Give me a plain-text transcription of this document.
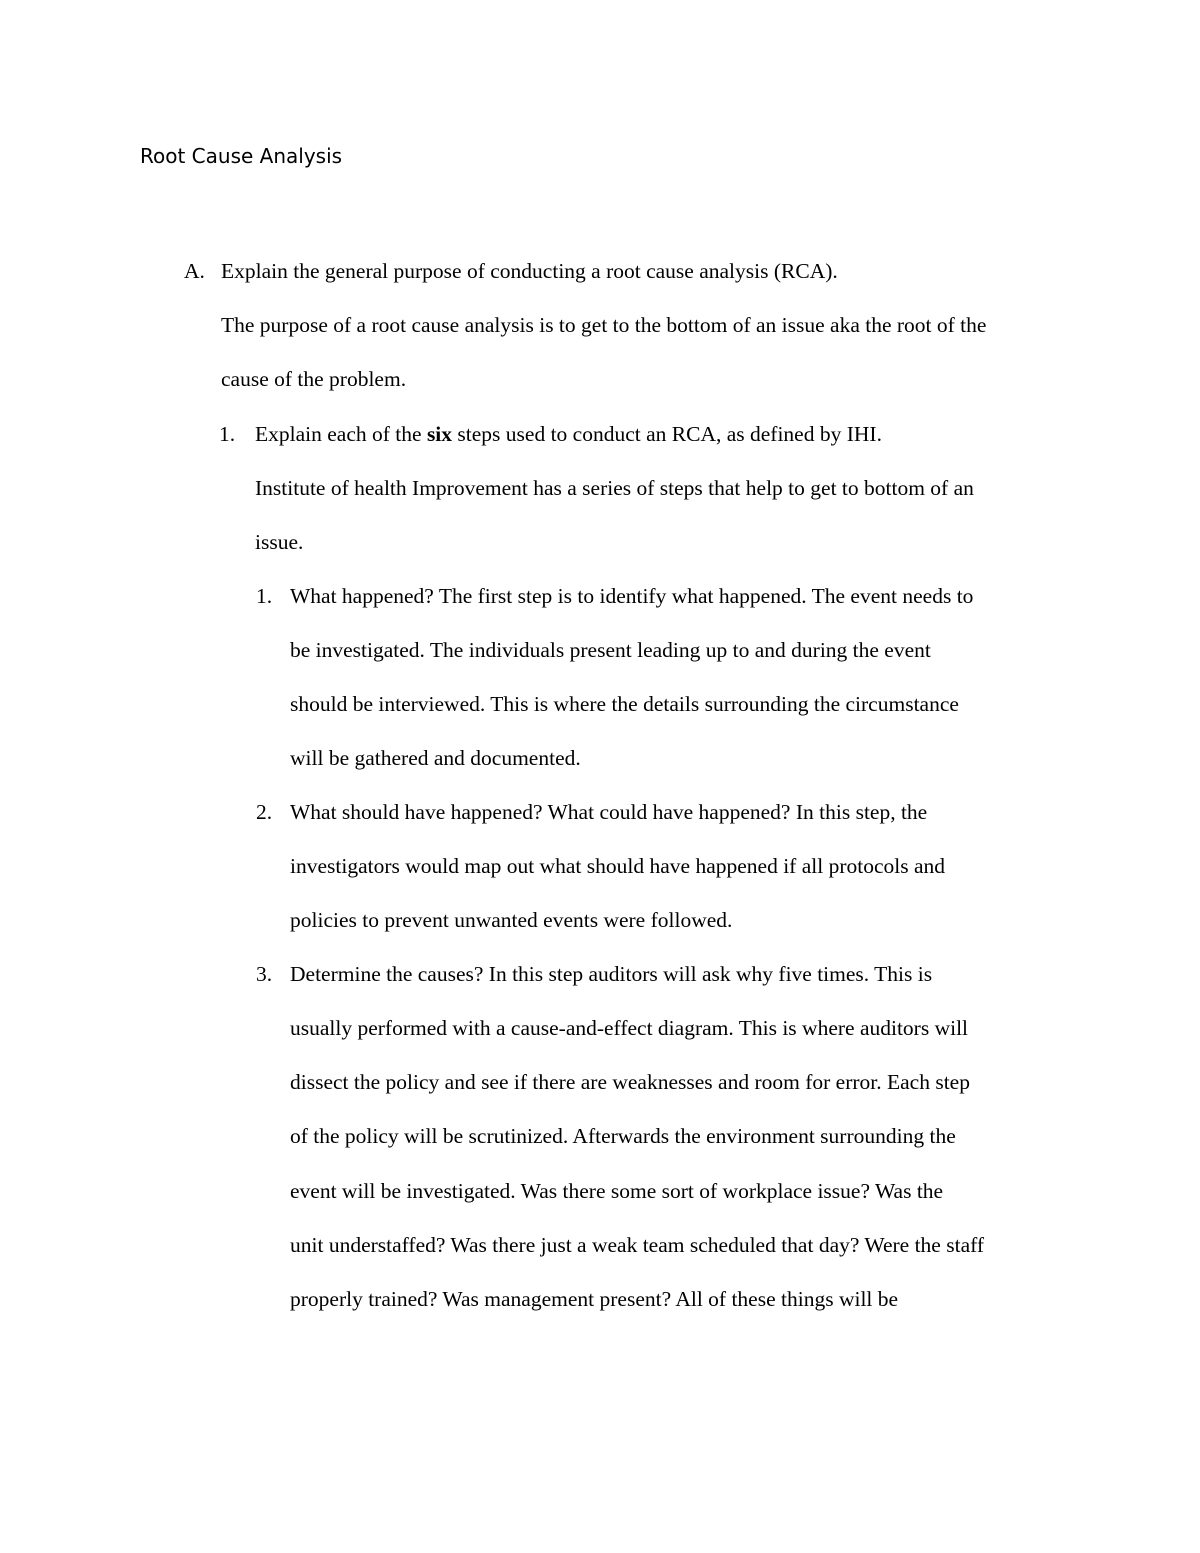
Root Cause Analysis
A. Explain the general purpose of conducting a root cause analysis (RCA).
The purpose of a root cause analysis is to get to the bottom of an issue aka the root of the
cause of the problem.
1. Explain each of the six steps used to conduct an RCA, as defined by IHI.
Institute of health Improvement has a series of steps that help to get to bottom of an
issue.
1. What happened? The first step is to identify what happened. The event needs to
be investigated. The individuals present leading up to and during the event
should be interviewed. This is where the details surrounding the circumstance
will be gathered and documented.
2. What should have happened? What could have happened? In this step, the
investigators would map out what should have happened if all protocols and
policies to prevent unwanted events were followed.
3. Determine the causes? In this step auditors will ask why five times. This is
usually performed with a cause-and-effect diagram. This is where auditors will
dissect the policy and see if there are weaknesses and room for error. Each step
of the policy will be scrutinized. Afterwards the environment surrounding the
event will be investigated. Was there some sort of workplace issue? Was the
unit understaffed? Was there just a weak team scheduled that day? Were the staff
properly trained? Was management present? All of these things will be
